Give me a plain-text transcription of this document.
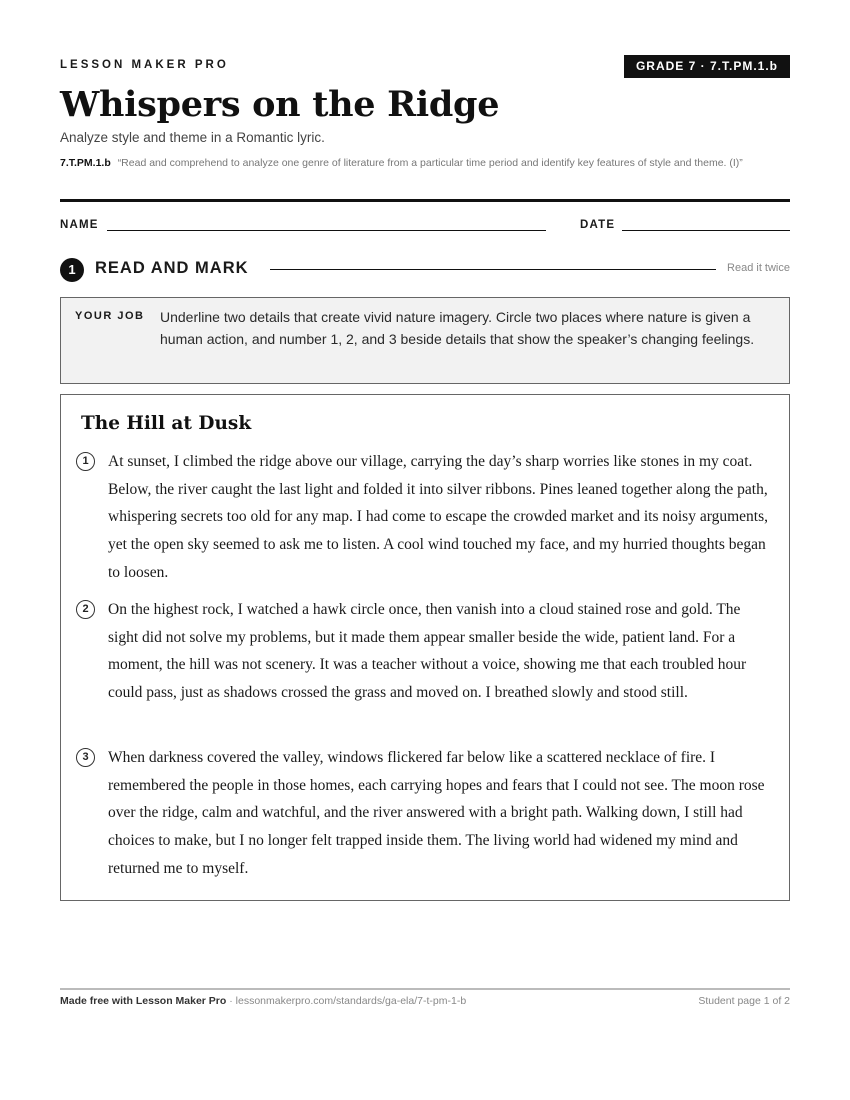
LESSON MAKER PRO	GRADE 7 · 7.T.PM.1.b
Whispers on the Ridge
Analyze style and theme in a Romantic lyric.
7.T.PM.1.b “Read and comprehend to analyze one genre of literature from a particular time period and identify key features of style and theme. (I)”
NAME	DATE
1	READ AND MARK	Read it twice
YOUR JOB Underline two details that create vivid nature imagery. Circle two places where nature is given a human action, and number 1, 2, and 3 beside details that show the speaker’s changing feelings.
The Hill at Dusk
1	At sunset, I climbed the ridge above our village, carrying the day’s sharp worries like stones in my coat. Below, the river caught the last light and folded it into silver ribbons. Pines leaned together along the path, whispering secrets too old for any map. I had come to escape the crowded market and its noisy arguments, yet the open sky seemed to ask me to listen. A cool wind touched my face, and my hurried thoughts began to loosen.
2	On the highest rock, I watched a hawk circle once, then vanish into a cloud stained rose and gold. The sight did not solve my problems, but it made them appear smaller beside the wide, patient land. For a moment, the hill was not scenery. It was a teacher without a voice, showing me that each troubled hour could pass, just as shadows crossed the grass and moved on. I breathed slowly and stood still.
3	When darkness covered the valley, windows flickered far below like a scattered necklace of fire. I remembered the people in those homes, each carrying hopes and fears that I could not see. The moon rose over the ridge, calm and watchful, and the river answered with a bright path. Walking down, I still had choices to make, but I no longer felt trapped inside them. The living world had widened my mind and returned me to myself.
Made free with Lesson Maker Pro · lessonmakerpro.com/standards/ga-ela/7-t-pm-1-b	Student page 1 of 2
